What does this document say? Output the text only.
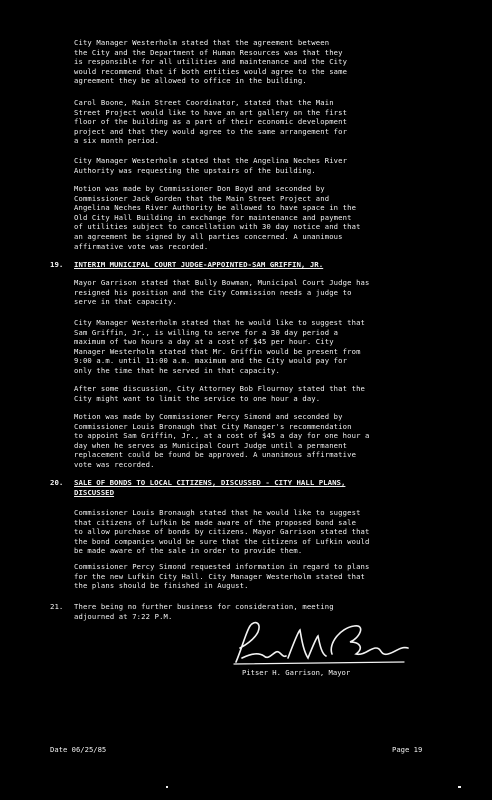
City Manager Westerholm stated that the agreement between
the City and the Department of Human Resources was that they
is responsible for all utilities and maintenance and the City
would recommend that if both entities would agree to the same
agreement they be allowed to office in the building.

Carol Boone, Main Street Coordinator, stated that the Main
Street Project would like to have an art gallery on the first
floor of the building as a part of their economic development
project and that they would agree to the same arrangement for
a six month period.

City Manager Westerholm stated that the Angelina Neches River
Authority was requesting the upstairs of the building.

Motion was made by Commissioner Don Boyd and seconded by
Commissioner Jack Gorden that the Main Street Project and
Angelina Neches River Authority be allowed to have space in the
Old City Hall Building in exchange for maintenance and payment
of utilities subject to cancellation with 30 day notice and that
an agreement be signed by all parties concerned. A unanimous
affirmative vote was recorded.

19. INTERIM MUNICIPAL COURT JUDGE-APPOINTED-SAM GRIFFIN, JR.

Mayor Garrison stated that Bully Bowman, Municipal Court Judge has
resigned his position and the City Commission needs a judge to
serve in that capacity.

City Manager Westerholm stated that he would like to suggest that
Sam Griffin, Jr., is willing to serve for a 30 day period a
maximum of two hours a day at a cost of $45 per hour. City
Manager Westerholm stated that Mr. Griffin would be present from
9:00 a.m. until 11:00 a.m. maximum and the City would pay for
only the time that he served in that capacity.

After some discussion, City Attorney Bob Flournoy stated that the
City might want to limit the service to one hour a day.

Motion was made by Commissioner Percy Simond and seconded by
Commissioner Louis Bronaugh that City Manager's recommendation
to appoint Sam Griffin, Jr., at a cost of $45 a day for one hour a
day when he serves as Municipal Court Judge until a permanent
replacement could be found be approved. A unanimous affirmative
vote was recorded.

20. SALE OF BONDS TO LOCAL CITIZENS, DISCUSSED - CITY HALL PLANS,
DISCUSSED

Commissioner Louis Bronaugh stated that he would like to suggest
that citizens of Lufkin be made aware of the proposed bond sale
to allow purchase of bonds by citizens. Mayor Garrison stated that
the bond companies would be sure that the citizens of Lufkin would
be made aware of the sale in order to provide them.

Commissioner Percy Simond requested information in regard to plans
for the new Lufkin City Hall. City Manager Westerholm stated that
the plans should be finished in August.

21. There being no further business for consideration, meeting
adjourned at 7:22 P.M.

Pitser H. Garrison, Mayor
Date 06/25/85	Page 19
